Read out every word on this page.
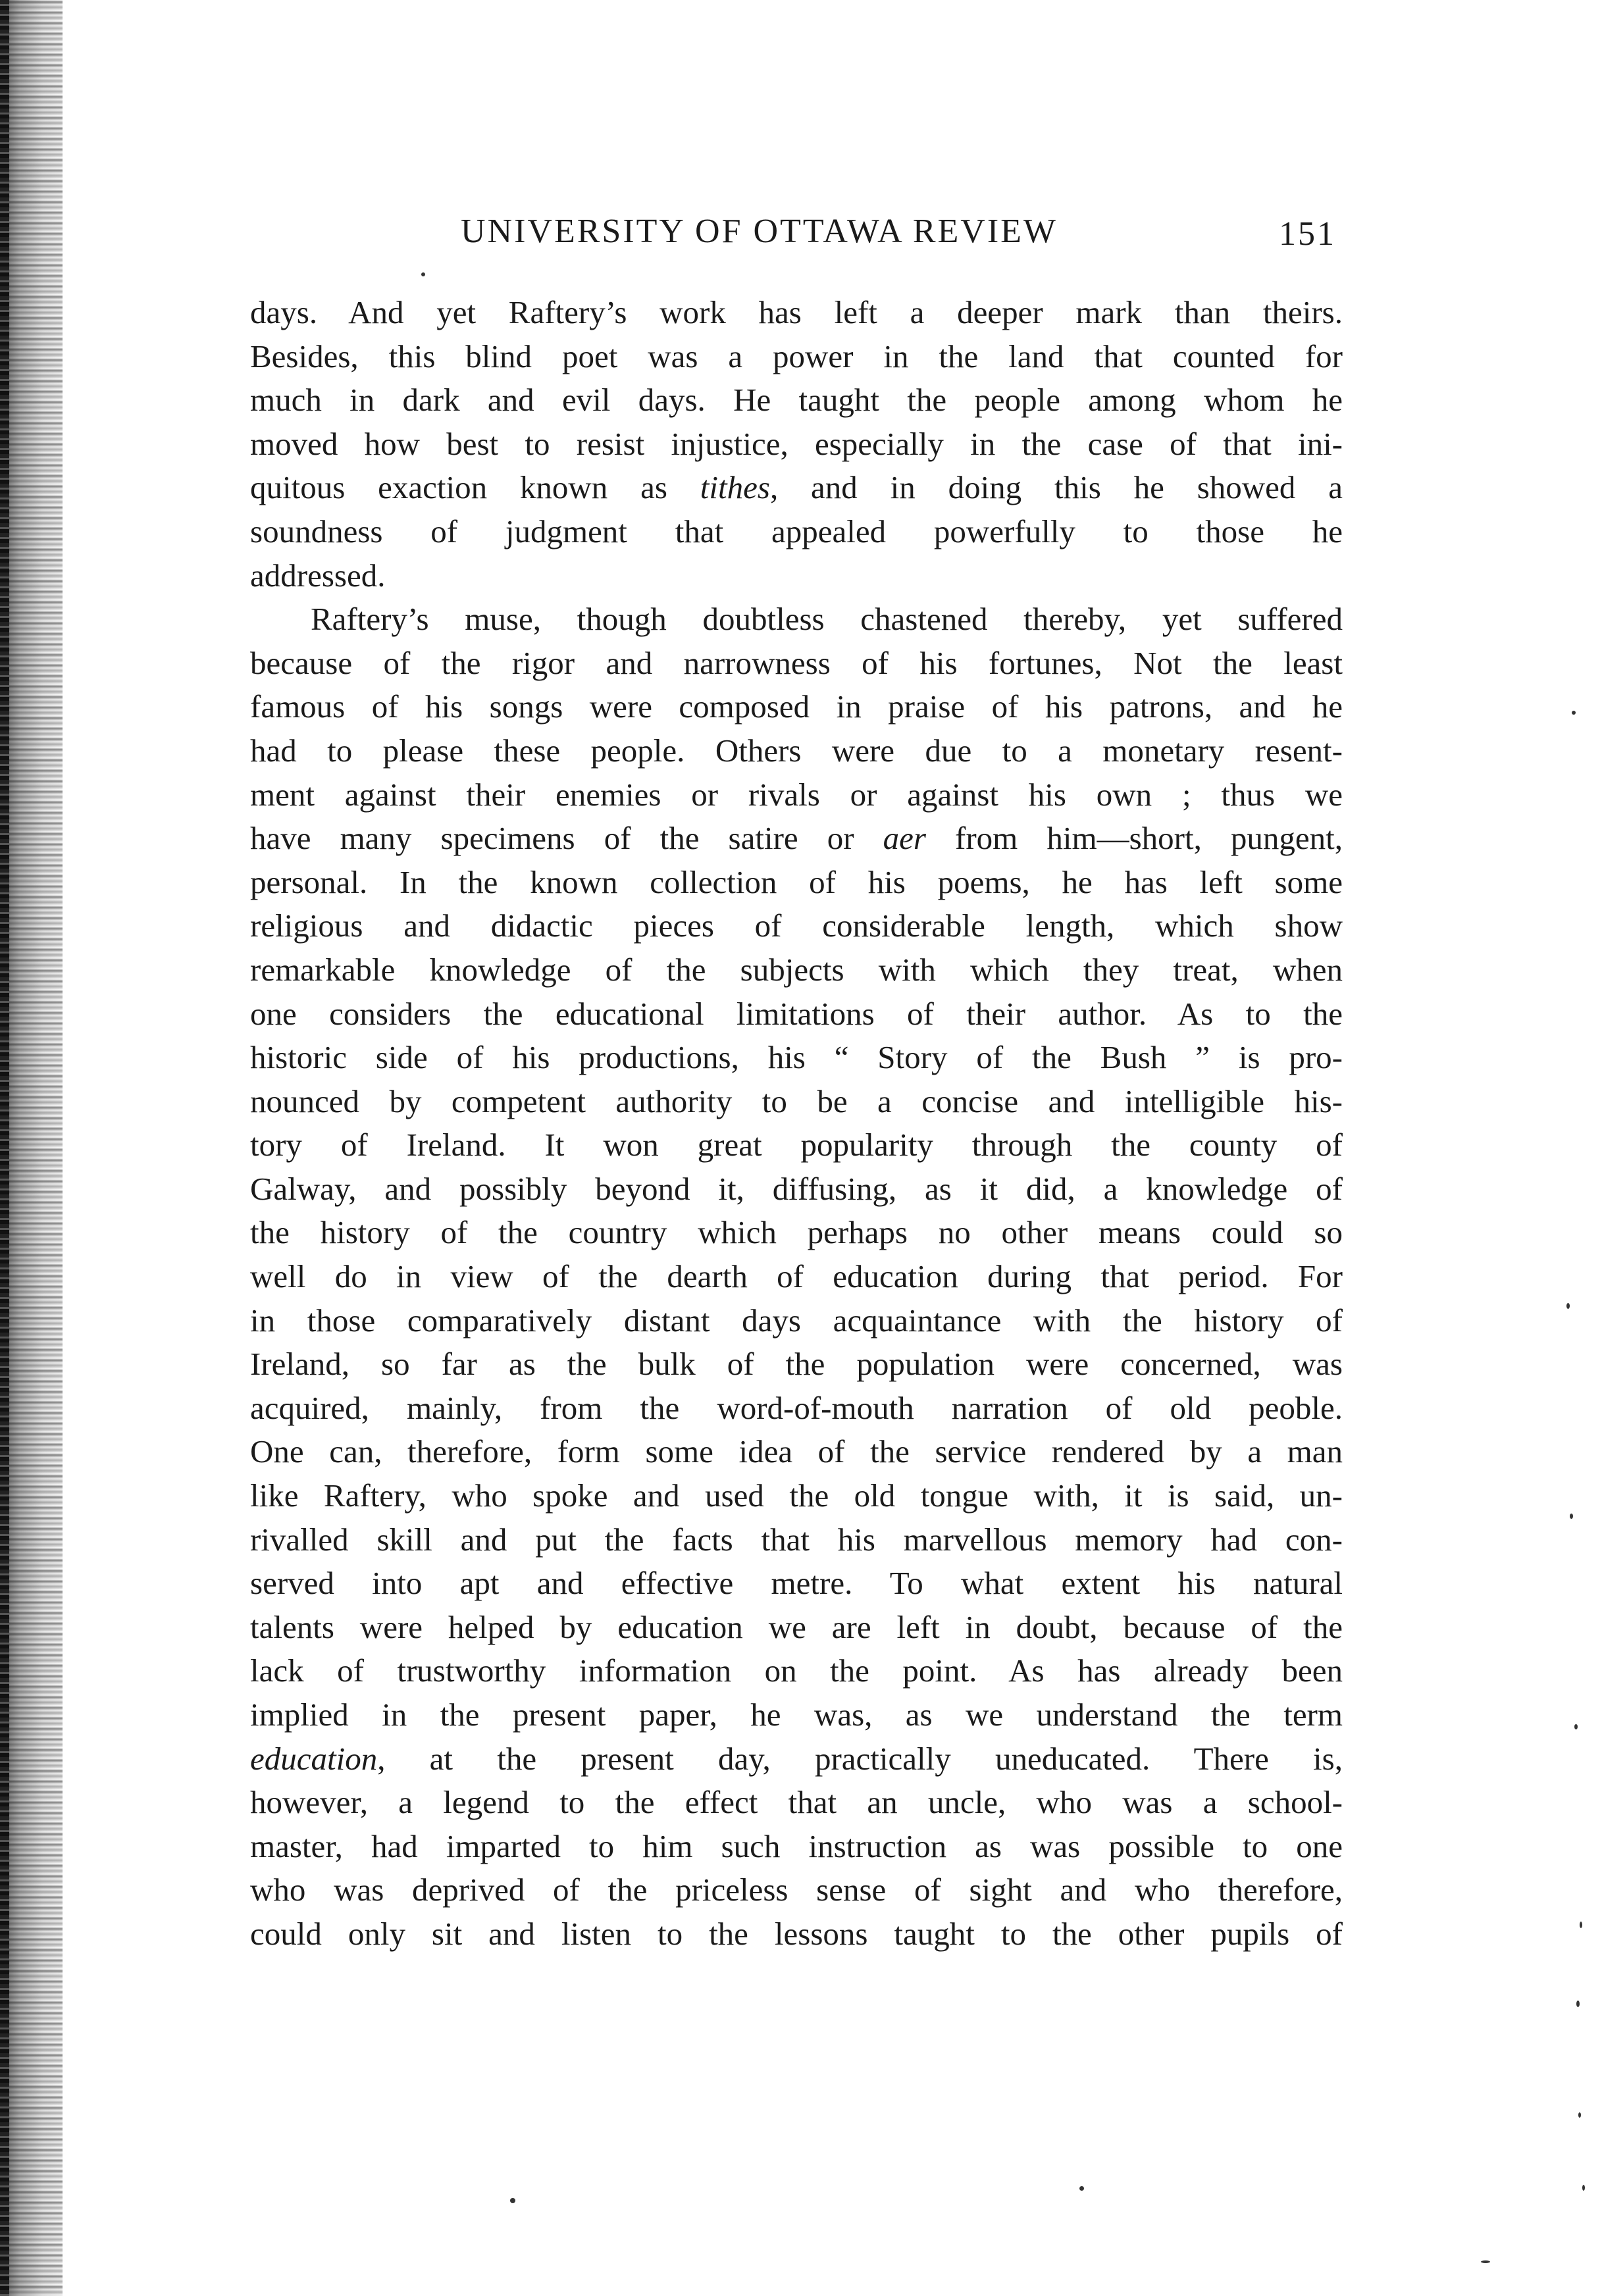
UNIVERSITY OF OTTAWA REVIEW	151
days. And yet Raftery’s work has left a deeper mark than theirs.
Besides, this blind poet was a power in the land that counted for
much in dark and evil days. He taught the people among whom he
moved how best to resist injustice, especially in the case of that ini-
quitous exaction known as tithes, and in doing this he showed a
soundness of judgment that appealed powerfully to those he
addressed.
Raftery’s muse, though doubtless chastened thereby, yet suffered
because of the rigor and narrowness of his fortunes, Not the least
famous of his songs were composed in praise of his patrons, and he
had to please these people. Others were due to a monetary resent-
ment against their enemies or rivals or against his own ; thus we
have many specimens of the satire or aer from him—short, pungent,
personal. In the known collection of his poems, he has left some
religious and didactic pieces of considerable length, which show
remarkable knowledge of the subjects with which they treat, when
one considers the educational limitations of their author. As to the
historic side of his productions, his “ Story of the Bush ” is pro-
nounced by competent authority to be a concise and intelligible his-
tory of Ireland. It won great popularity through the county of
Galway, and possibly beyond it, diffusing, as it did, a knowledge of
the history of the country which perhaps no other means could so
well do in view of the dearth of education during that period. For
in those comparatively distant days acquaintance with the history of
Ireland, so far as the bulk of the population were concerned, was
acquired, mainly, from the word-of-mouth narration of old peoble.
One can, therefore, form some idea of the service rendered by a man
like Raftery, who spoke and used the old tongue with, it is said, un-
rivalled skill and put the facts that his marvellous memory had con-
served into apt and effective metre. To what extent his natural
talents were helped by education we are left in doubt, because of the
lack of trustworthy information on the point. As has already been
implied in the present paper, he was, as we understand the term
education, at the present day, practically uneducated. There is,
however, a legend to the effect that an uncle, who was a school-
master, had imparted to him such instruction as was possible to one
who was deprived of the priceless sense of sight and who therefore,
could only sit and listen to the lessons taught to the other pupils of
